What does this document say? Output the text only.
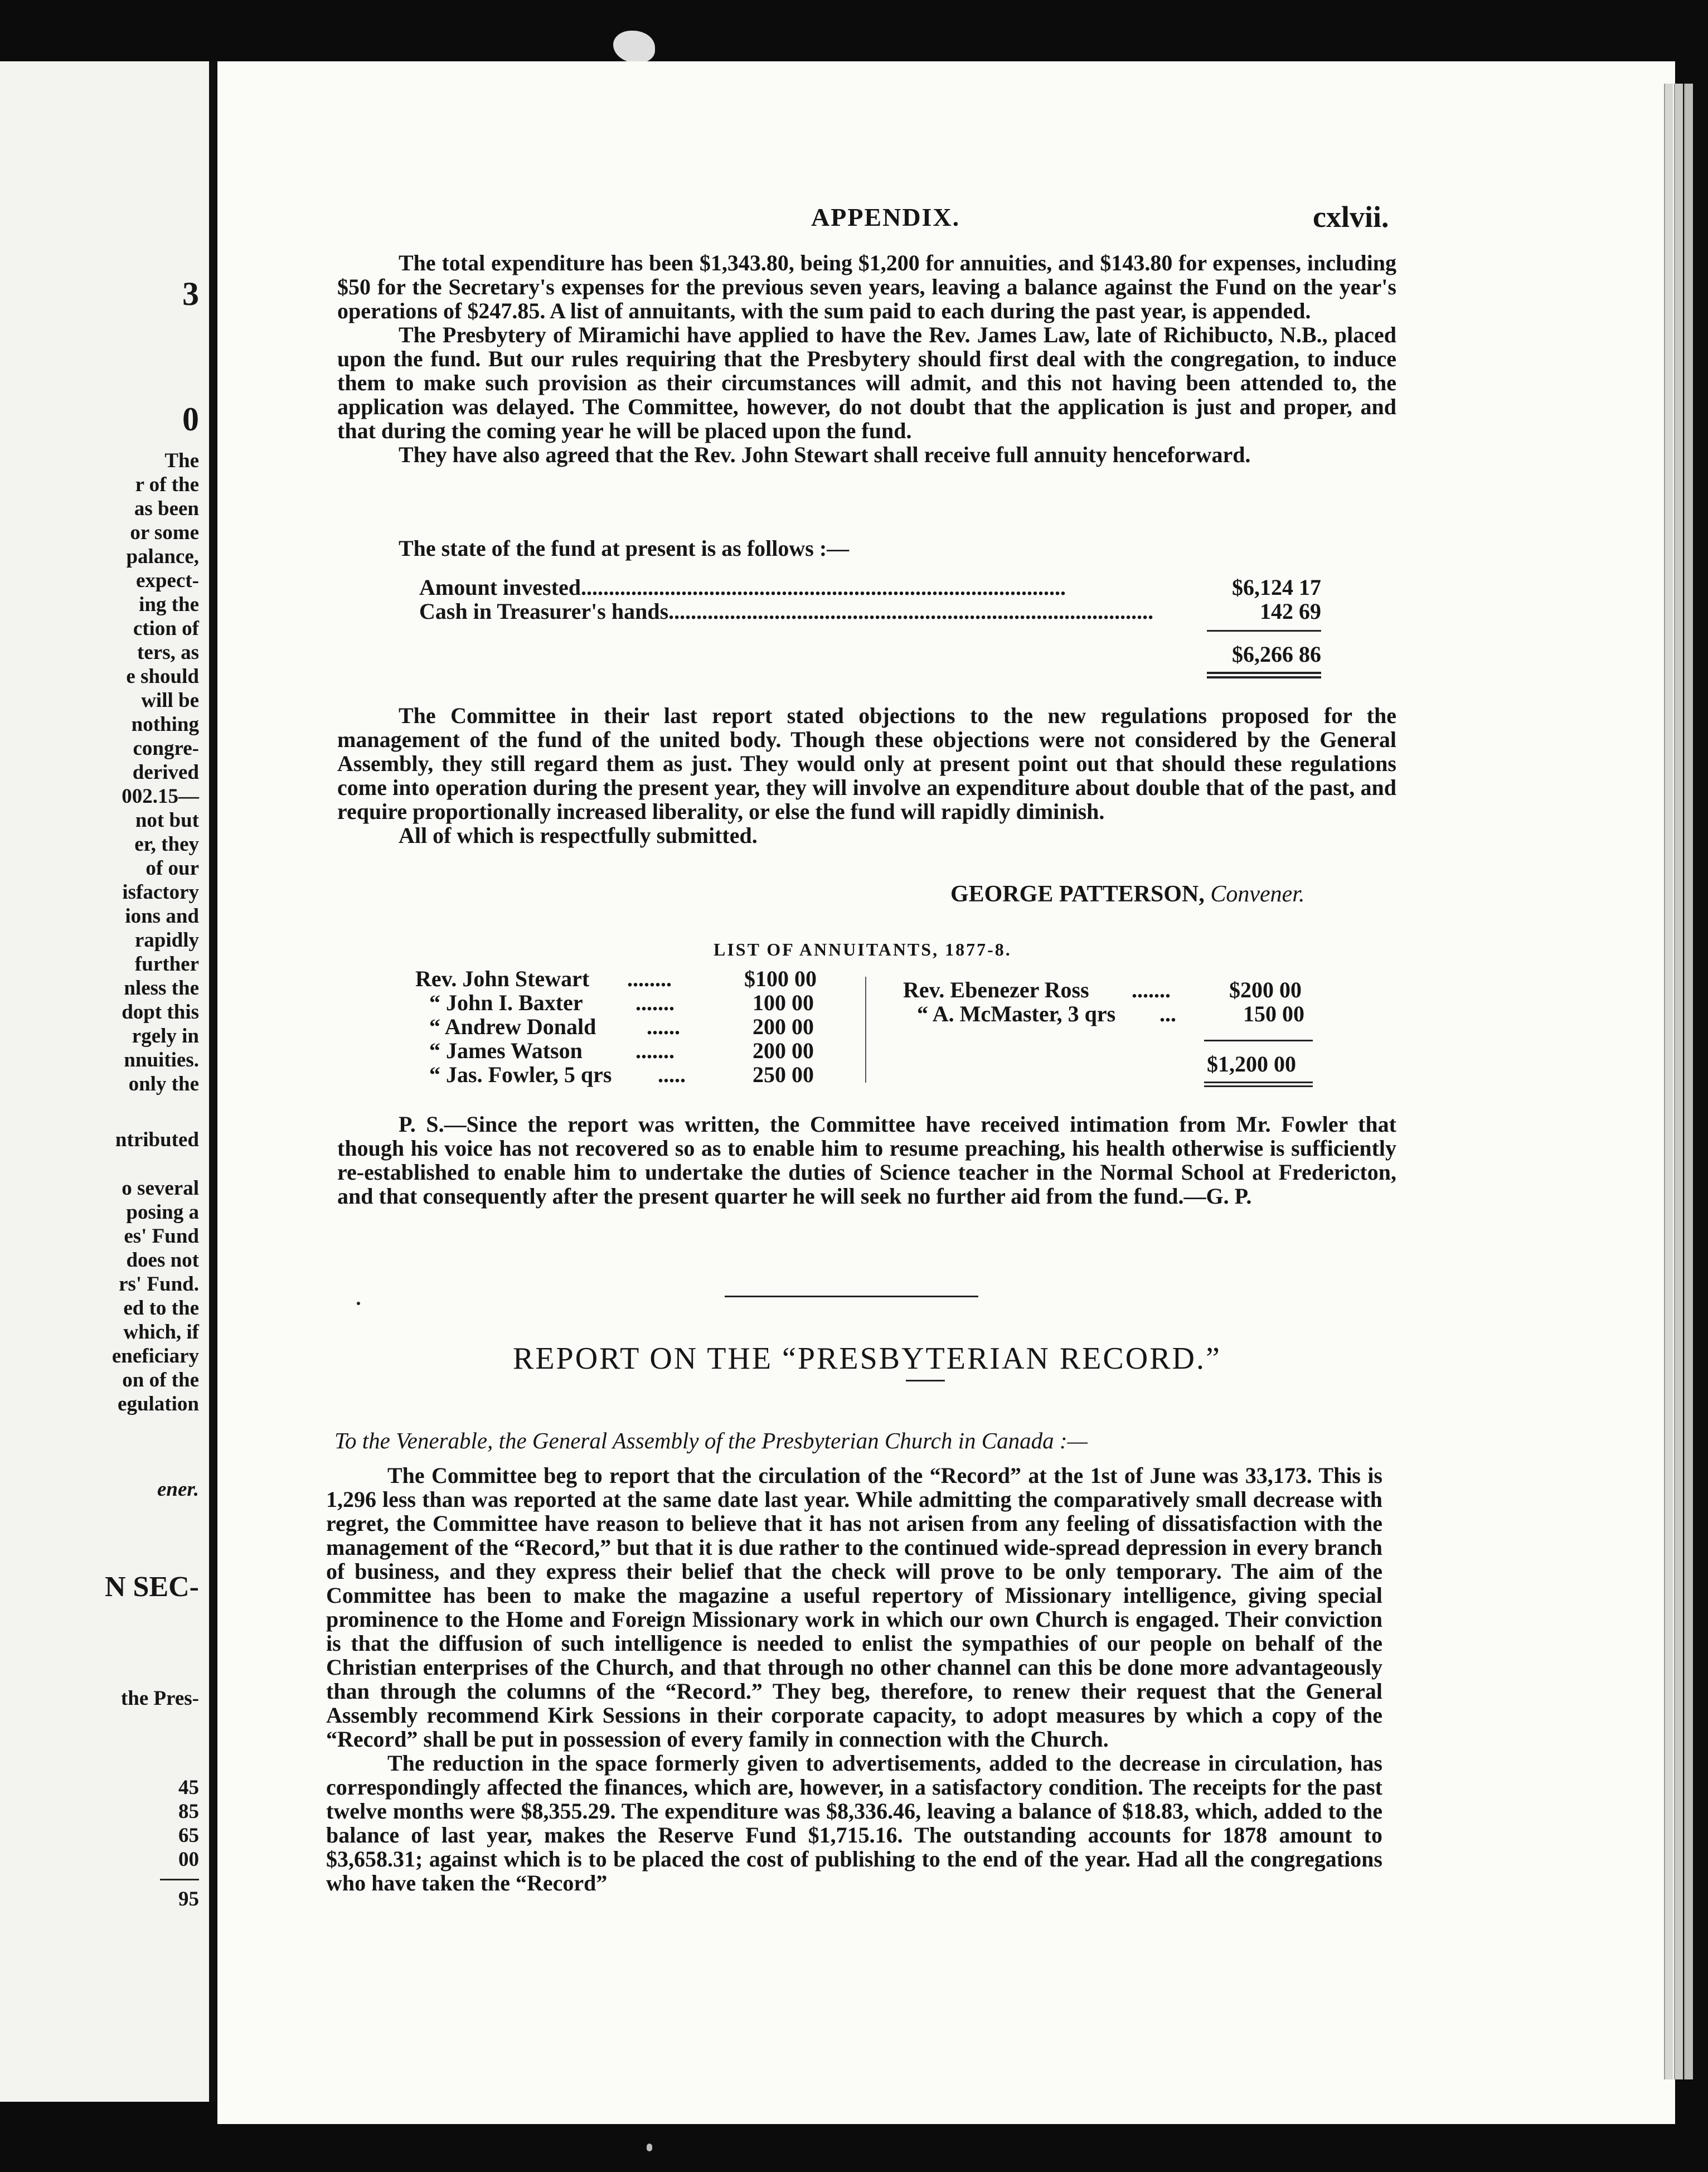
3
0
The
r of the
as been
or some
palance,
expect-
ing the
ction of
ters, as
e should
will be
nothing
congre-
derived
002.15—
not but
er, they
of our
isfactory
ions and
rapidly
further
nless the
dopt this
rgely in
nnuities.
only the
ntributed
o several
posing a
es' Fund
does not
rs' Fund.
ed to the
which, if
eneficiary
on of the
egulation
ener.
N SEC-
the Pres-
45
85
65
00
95
APPENDIX.	cxlvii.

The total expenditure has been $1,343.80, being $1,200 for annuities, and $143.80 for expenses, including $50 for the Secretary's expenses for the previous seven years, leaving a balance against the Fund on the year's operations of $247.85. A list of annuitants, with the sum paid to each during the past year, is appended.

The Presbytery of Miramichi have applied to have the Rev. James Law, late of Richibucto, N.B., placed upon the fund. But our rules requiring that the Presbytery should first deal with the congregation, to induce them to make such provision as their circumstances will admit, and this not having been attended to, the application was delayed. The Committee, however, do not doubt that the application is just and proper, and that during the coming year he will be placed upon the fund.

They have also agreed that the Rev. John Stewart shall receive full annuity henceforward.

The state of the fund at present is as follows :—
Amount invested.......................................................................................	$6,124 17
Cash in Treasurer's hands.......................................................................................	142 69
$6,266 86

The Committee in their last report stated objections to the new regulations proposed for the management of the fund of the united body. Though these objections were not considered by the General Assembly, they still regard them as just. They would only at present point out that should these regulations come into operation during the present year, they will involve an expenditure about double that of the past, and require proportionally increased liberality, or else the fund will rapidly diminish.

All of which is respectfully submitted.

GEORGE PATTERSON, Convener.
LIST OF ANNUITANTS, 1877-8.
Rev. John Stewart ........	$100 00
“ John I. Baxter .......	100 00
“ Andrew Donald ......	200 00
“ James Watson .......	200 00
“ Jas. Fowler, 5 qrs .....	250 00
Rev. Ebenezer Ross .......	$200 00
“ A. McMaster, 3 qrs ...	150 00
$1,200 00

P. S.—Since the report was written, the Committee have received intimation from Mr. Fowler that though his voice has not recovered so as to enable him to resume preaching, his health otherwise is sufficiently re-established to enable him to undertake the duties of Science teacher in the Normal School at Fredericton, and that consequently after the present quarter he will seek no further aid from the fund.—G. P.

REPORT ON THE “PRESBYTERIAN RECORD.”
To the Venerable, the General Assembly of the Presbyterian Church in Canada :—

The Committee beg to report that the circulation of the “Record” at the 1st of June was 33,173. This is 1,296 less than was reported at the same date last year. While admitting the comparatively small decrease with regret, the Committee have reason to believe that it has not arisen from any feeling of dissatisfaction with the management of the “Record,” but that it is due rather to the continued wide-spread depression in every branch of business, and they express their belief that the check will prove to be only temporary. The aim of the Committee has been to make the magazine a useful repertory of Missionary intelligence, giving special prominence to the Home and Foreign Missionary work in which our own Church is engaged. Their conviction is that the diffusion of such intelligence is needed to enlist the sympathies of our people on behalf of the Christian enterprises of the Church, and that through no other channel can this be done more advantageously than through the columns of the “Record.” They beg, therefore, to renew their request that the General Assembly recommend Kirk Sessions in their corporate capacity, to adopt measures by which a copy of the “Record” shall be put in possession of every family in connection with the Church.

The reduction in the space formerly given to advertisements, added to the decrease in circulation, has correspondingly affected the finances, which are, however, in a satisfactory condition. The receipts for the past twelve months were $8,355.29. The expenditure was $8,336.46, leaving a balance of $18.83, which, added to the balance of last year, makes the Reserve Fund $1,715.16. The outstanding accounts for 1878 amount to $3,658.31; against which is to be placed the cost of publishing to the end of the year. Had all the congregations who have taken the “Record”
